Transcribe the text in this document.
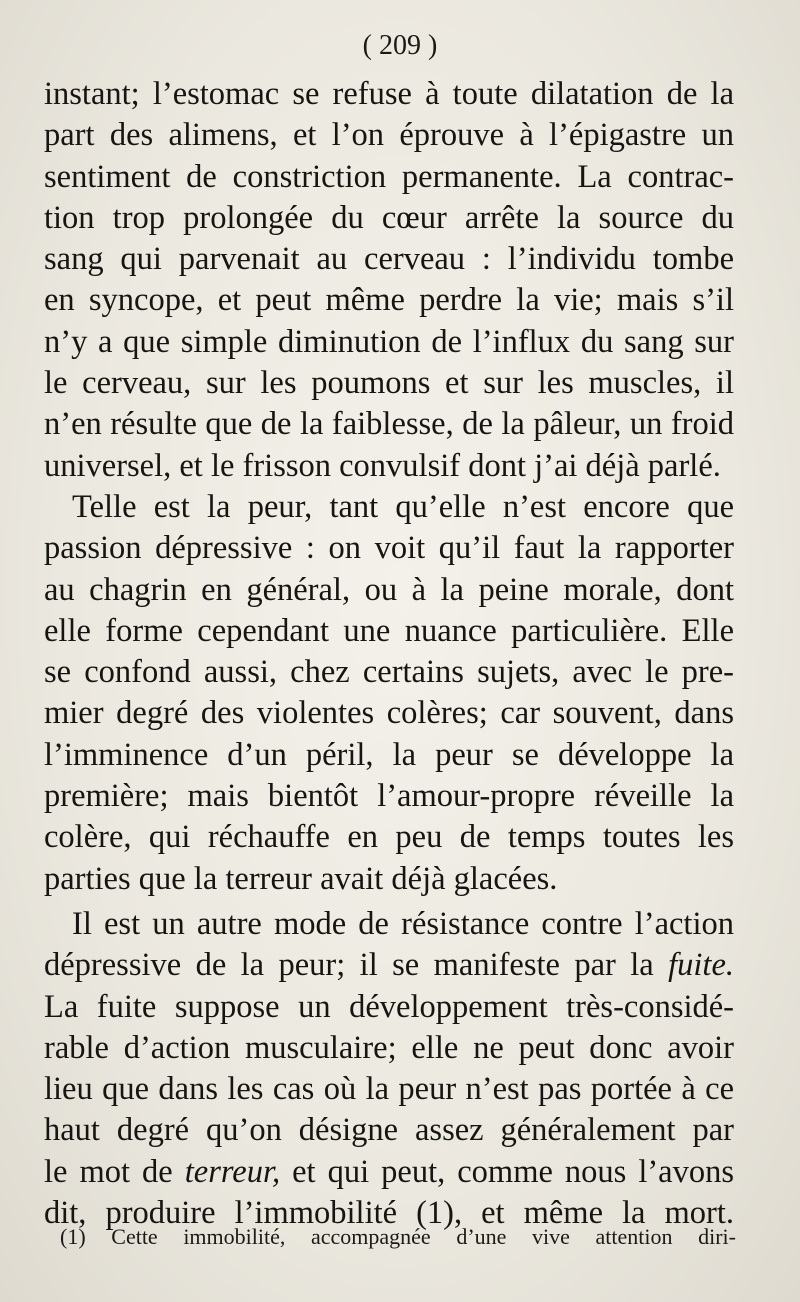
( 209 )
instant; l’estomac se refuse à toute dilatation de la
part des alimens, et l’on éprouve à l’épigastre un
sentiment de constriction permanente. La contrac-
tion trop prolongée du cœur arrête la source du
sang qui parvenait au cerveau : l’individu tombe
en syncope, et peut même perdre la vie; mais s’il
n’y a que simple diminution de l’influx du sang sur
le cerveau, sur les poumons et sur les muscles, il
n’en résulte que de la faiblesse, de la pâleur, un froid
universel, et le frisson convulsif dont j’ai déjà parlé.
Telle est la peur, tant qu’elle n’est encore que
passion dépressive : on voit qu’il faut la rapporter
au chagrin en général, ou à la peine morale, dont
elle forme cependant une nuance particulière. Elle
se confond aussi, chez certains sujets, avec le pre-
mier degré des violentes colères; car souvent, dans
l’imminence d’un péril, la peur se développe la
première; mais bientôt l’amour-propre réveille la
colère, qui réchauffe en peu de temps toutes les
parties que la terreur avait déjà glacées.
Il est un autre mode de résistance contre l’action
dépressive de la peur; il se manifeste par la fuite.
La fuite suppose un développement très-considé-
rable d’action musculaire; elle ne peut donc avoir
lieu que dans les cas où la peur n’est pas portée à ce
haut degré qu’on désigne assez généralement par
le mot de terreur, et qui peut, comme nous l’avons
dit, produire l’immobilité (1), et même la mort.
(1) Cette immobilité, accompagnée d’une vive attention diri-
